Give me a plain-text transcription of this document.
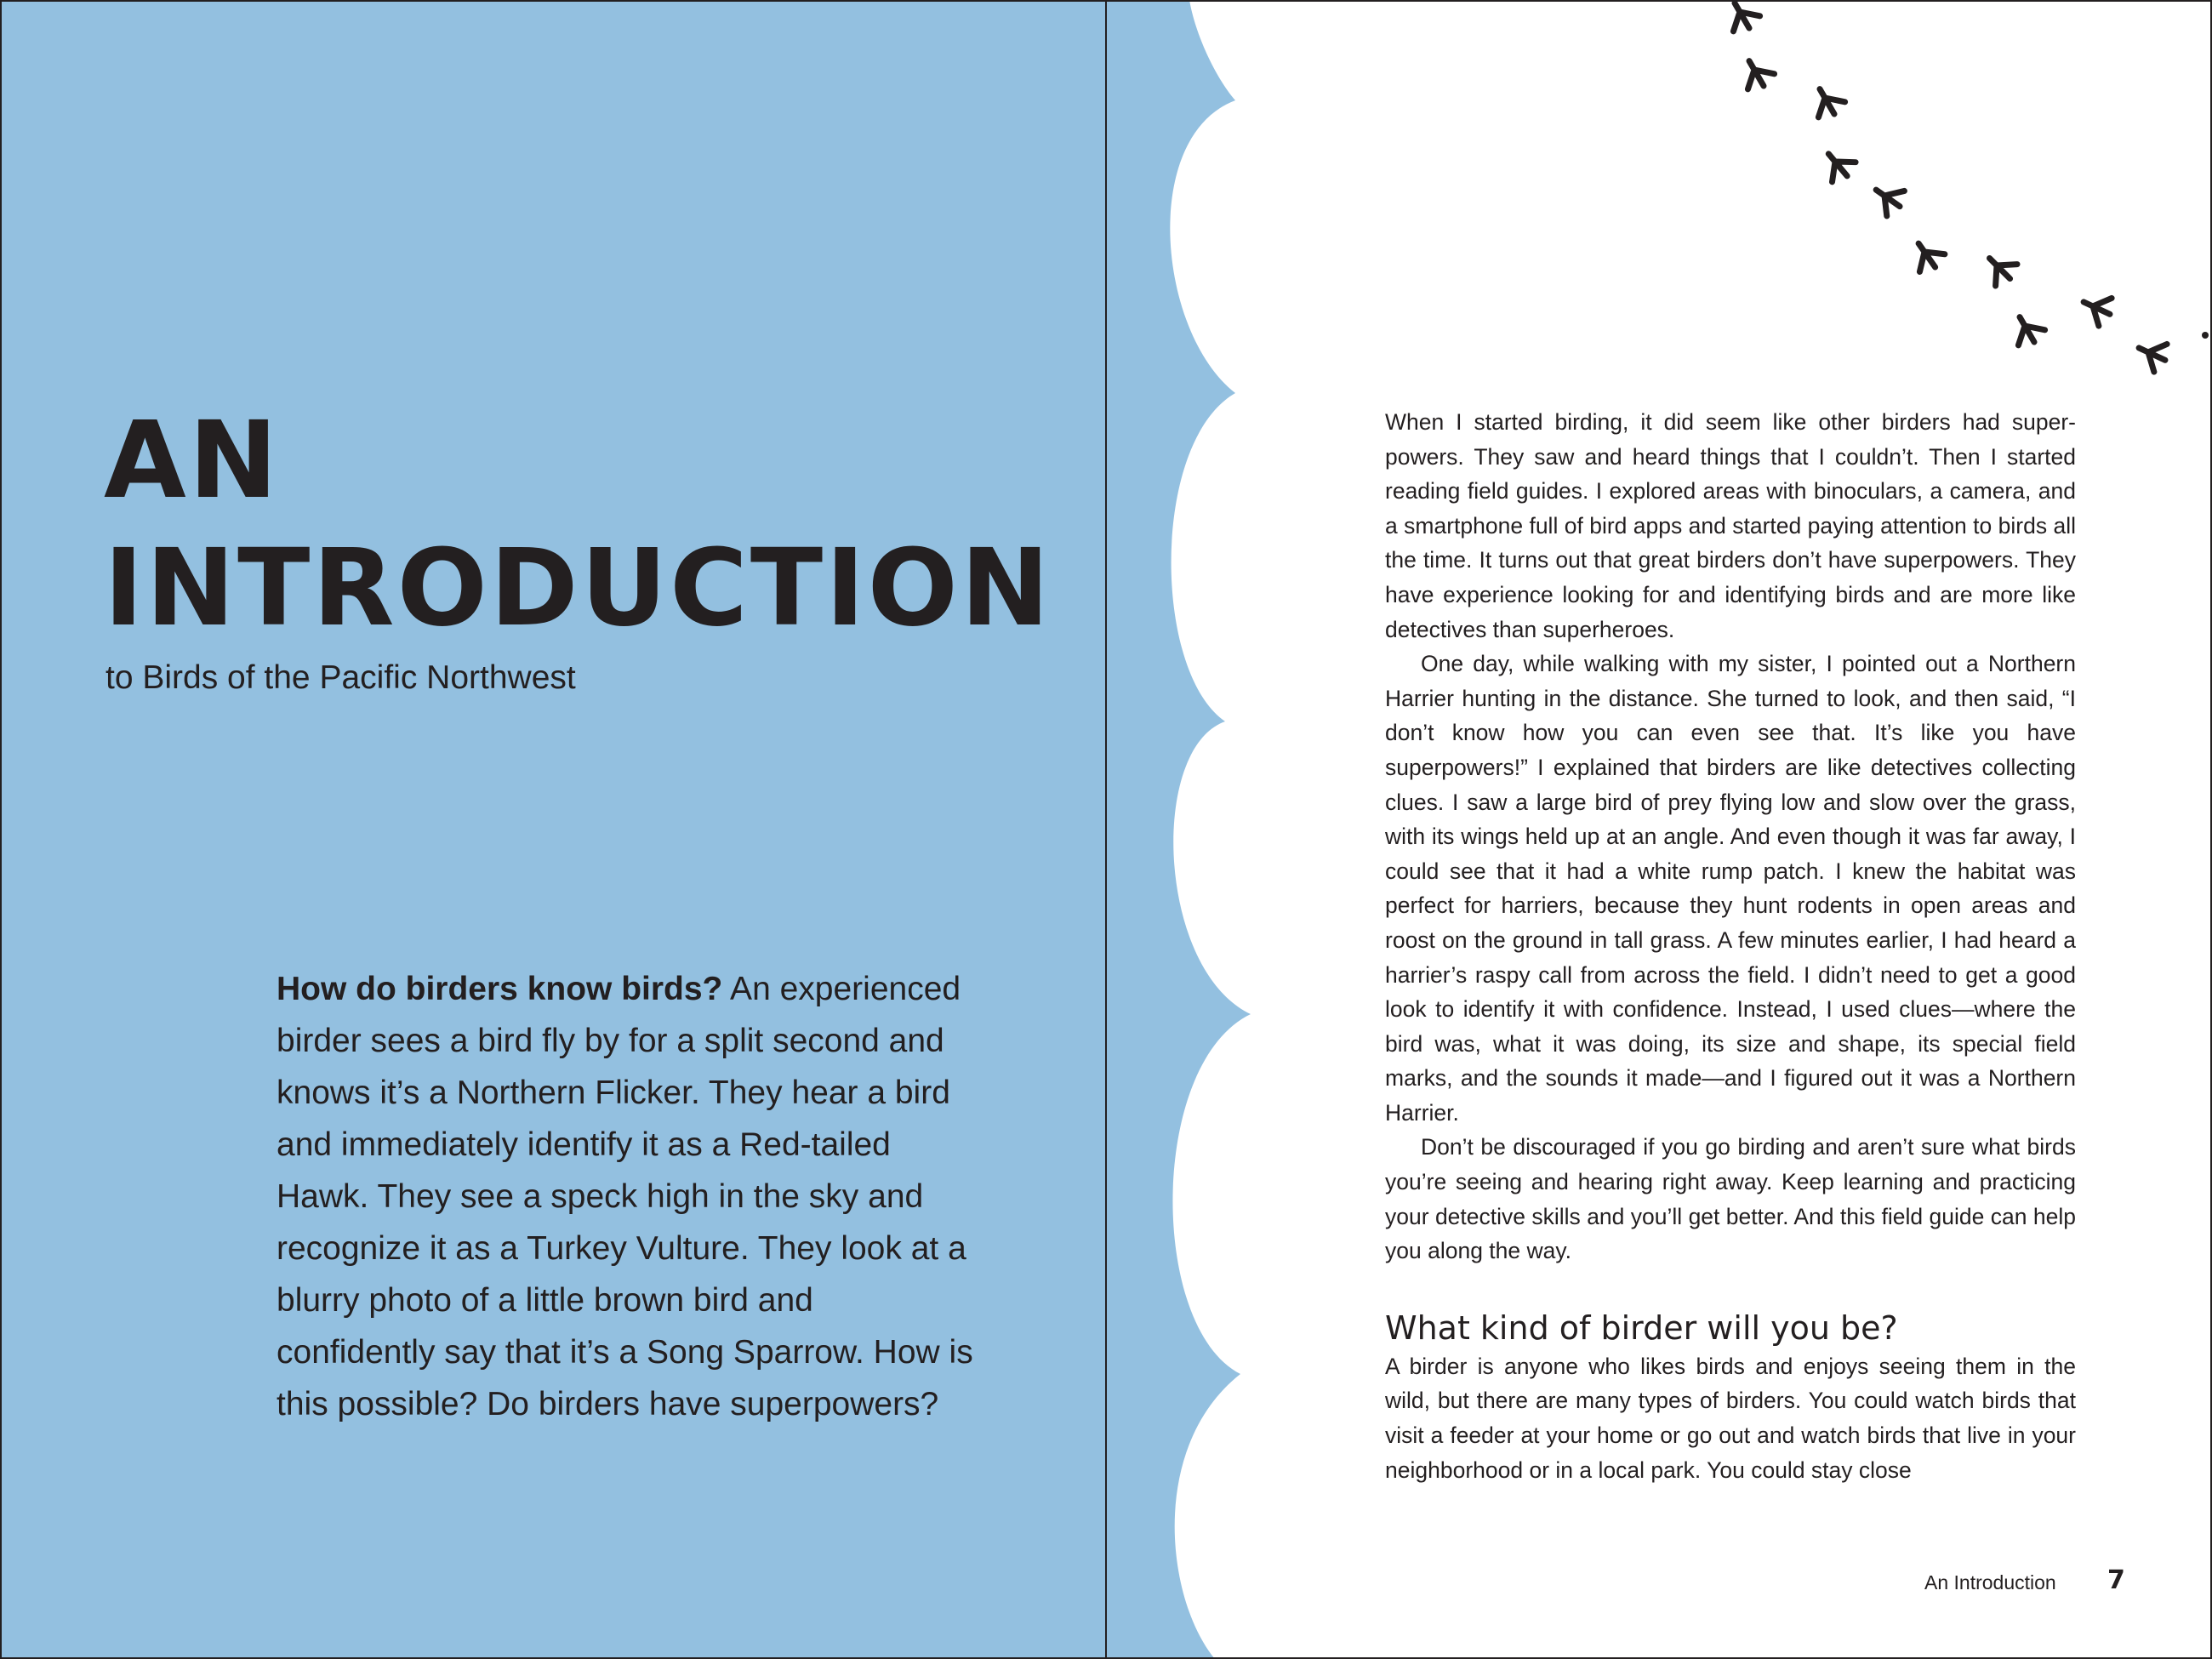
AN
INTRODUCTION
to Birds of the Pacific Northwest
How do birders know birds? An experienced birder sees a bird fly by for a split second and knows it’s a Northern Flicker. They hear a bird and immediately identify it as a Red-tailed Hawk. They see a speck high in the sky and recognize it as a Turkey Vulture. They look at a blurry photo of a little brown bird and confidently say that it’s a Song Sparrow. How is this possible? Do birders have superpowers?

When I started birding, it did seem like other birders had superpowers. They saw and heard things that I couldn’t. Then I started reading field guides. I explored areas with binoculars, a camera, and a smartphone full of bird apps and started paying attention to birds all the time. It turns out that great birders don’t have superpowers. They have experience looking for and identifying birds and are more like detectives than superheroes.

One day, while walking with my sister, I pointed out a Northern Harrier hunting in the distance. She turned to look, and then said, “I don’t know how you can even see that. It’s like you have superpowers!” I explained that birders are like detectives collecting clues. I saw a large bird of prey flying low and slow over the grass, with its wings held up at an angle. And even though it was far away, I could see that it had a white rump patch. I knew the habitat was perfect for harriers, because they hunt rodents in open areas and roost on the ground in tall grass. A few minutes earlier, I had heard a harrier’s raspy call from across the field. I didn’t need to get a good look to identify it with confidence. Instead, I used clues—where the bird was, what it was doing, its size and shape, its special field marks, and the sounds it made—and I figured out it was a Northern Harrier.

Don’t be discouraged if you go birding and aren’t sure what birds you’re seeing and hearing right away. Keep learning and practicing your detective skills and you’ll get better. And this field guide can help you along the way.

What kind of birder will you be?

A birder is anyone who likes birds and enjoys seeing them in the wild, but there are many types of birders. You could watch birds that visit a feeder at your home or go out and watch birds that live in your neighborhood or in a local park. You could stay close

An Introduction 7
